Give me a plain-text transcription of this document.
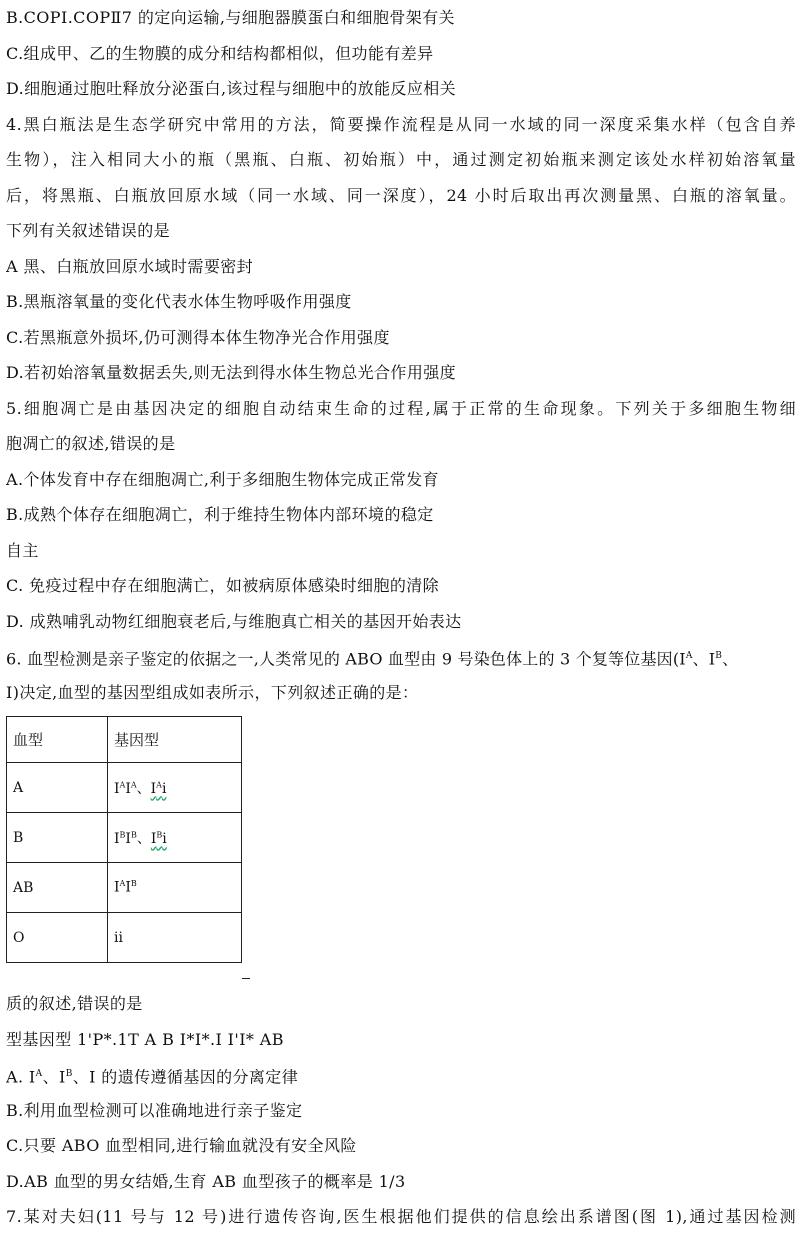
B.COPI.COPⅡ7 的定向运输,与细胞器膜蛋白和细胞骨架有关
C.组成甲、乙的生物膜的成分和结构都相似，但功能有差异
D.细胞通过胞吐释放分泌蛋白,该过程与细胞中的放能反应相关
4.黑白瓶法是生态学研究中常用的方法，简要操作流程是从同一水域的同一深度采集水样（包含自养
生物），注入相同大小的瓶（黑瓶、白瓶、初始瓶）中，通过测定初始瓶来测定该处水样初始溶氧量
后，将黑瓶、白瓶放回原水域（同一水域、同一深度），24 小时后取出再次测量黑、白瓶的溶氧量。
下列有关叙述错误的是
A 黑、白瓶放回原水域时需要密封
B.黑瓶溶氧量的变化代表水体生物呼吸作用强度
C.若黑瓶意外损坏,仍可测得本体生物净光合作用强度
D.若初始溶氧量数据丢失,则无法到得水体生物总光合作用强度
5.细胞凋亡是由基因决定的细胞自动结束生命的过程,属于正常的生命现象。下列关于多细胞生物细
胞凋亡的叙述,错误的是
A.个体发育中存在细胞凋亡,利于多细胞生物体完成正常发育
B.成熟个体存在细胞凋亡，利于维持生物体内部环境的稳定
自主
C. 免疫过程中存在细胞满亡，如被病原体感染时细胞的清除
D. 成熟哺乳动物红细胞衰老后,与维胞真亡相关的基因开始表达
6. 血型检测是亲子鉴定的依据之一,人类常见的 ABO 血型由 9 号染色体上的 3 个复等位基因($I^A$、$I^B$、
I)决定,血型的基因型组成如表所示，下列叙述正确的是：
血型	基因型
A	$I^AI^A$、$I^Ai$
B	$I^BI^B$、$I^Bi$
AB	$I^AI^B$
O	ii
质的叙述,错误的是
型基因型 1'P*.1T A B I*I*.I I'I* AB
A. $I^A$、$I^B$、I 的遗传遵循基因的分离定律
B.利用血型检测可以准确地进行亲子鉴定
C.只要 ABO 血型相同,进行输血就没有安全风险
D.AB 血型的男女结婚,生育 AB 血型孩子的概率是 1/3
7.某对夫妇(11 号与 12 号)进行遗传咨询,医生根据他们提供的信息绘出系谱图(图 1),通过基因检测
